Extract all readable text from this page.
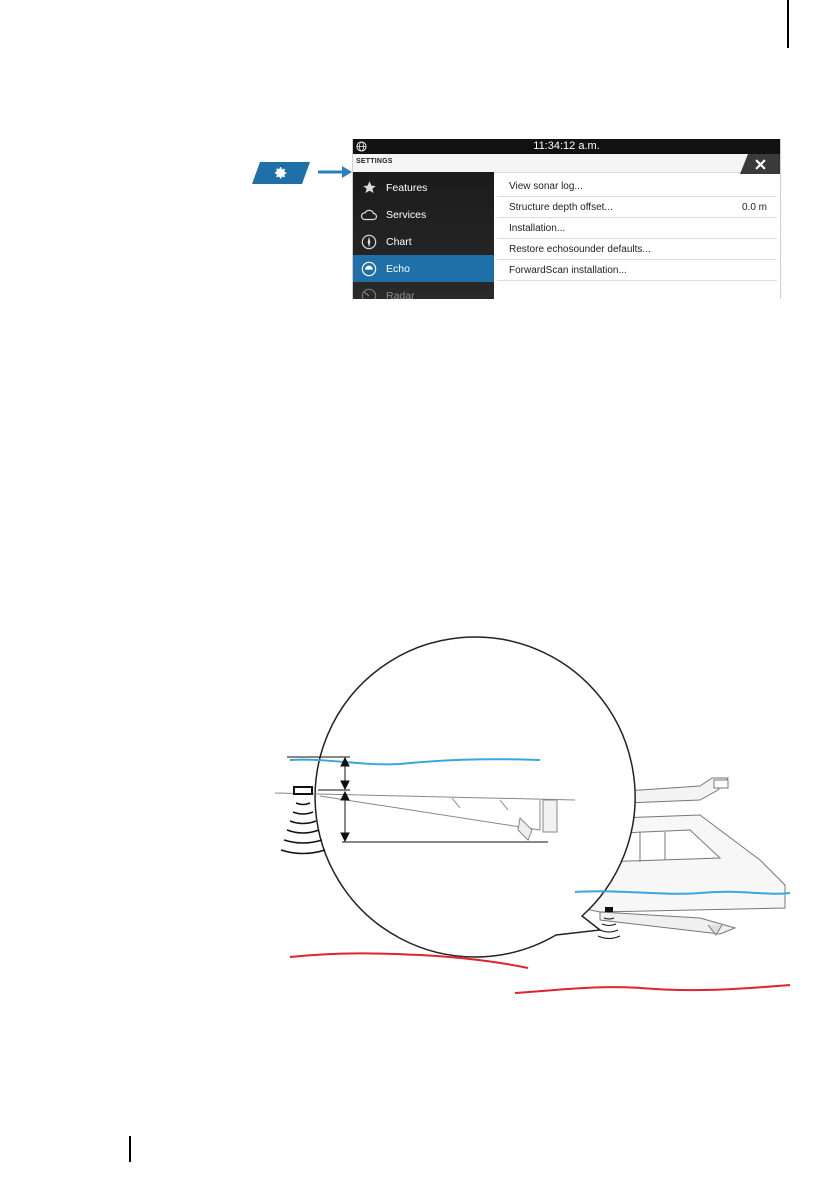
11:34:12 a.m.
SETTINGS
Features
Services
Chart
Echo
Radar
View sonar log...
Structure depth offset...	0.0 m
Installation...
Restore echosounder defaults...
ForwardScan installation...
